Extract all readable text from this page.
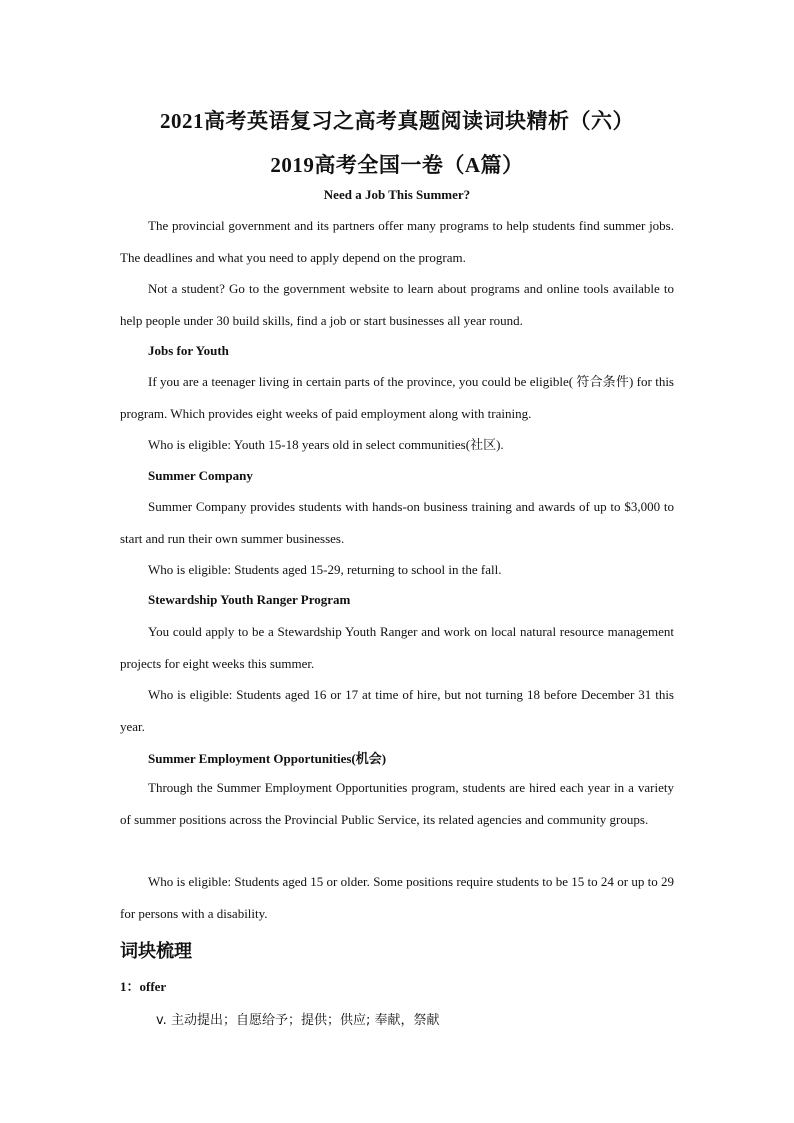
2021高考英语复习之高考真题阅读词块精析（六）
2019高考全国一卷（A篇）
Need a Job This Summer?
The provincial government and its partners offer many programs to help students find summer jobs. The deadlines and what you need to apply depend on the program.
Not a student? Go to the government website to learn about programs and online tools available to help people under 30 build skills, find a job or start businesses all year round.
Jobs for Youth
If you are a teenager living in certain parts of the province, you could be eligible( 符合条件) for this program. Which provides eight weeks of paid employment along with training.
Who is eligible: Youth 15-18 years old in select communities(社区).
Summer Company
Summer Company provides students with hands-on business training and awards of up to $3,000 to start and run their own summer businesses.
Who is eligible: Students aged 15-29, returning to school in the fall.
Stewardship Youth Ranger Program
You could apply to be a Stewardship Youth Ranger and work on local natural resource management projects for eight weeks this summer.
Who is eligible: Students aged 16 or 17 at time of hire, but not turning 18 before December 31 this year.
Summer Employment Opportunities(机会)
Through the Summer Employment Opportunities program, students are hired each year in a variety of summer positions across the Provincial Public Service, its related agencies and community groups.
Who is eligible: Students aged 15 or older. Some positions require students to be 15 to 24 or up to 29 for persons with a disability.
词块梳理
1：offer
v. 主动提出；自愿给予；提供；供应; 奉献，祭献
